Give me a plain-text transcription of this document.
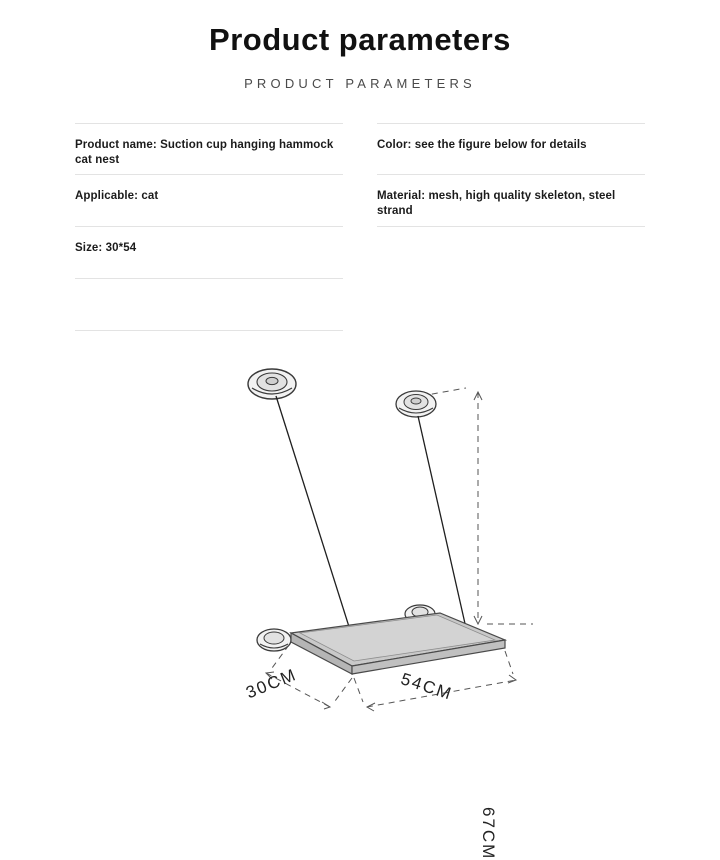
Product parameters
PRODUCT PARAMETERS
Product name: Suction cup hanging hammock cat nest
Applicable: cat
Size: 30*54
Color: see the figure below for details
Material: mesh, high quality skeleton, steel strand
67CM
30CM	54CM
